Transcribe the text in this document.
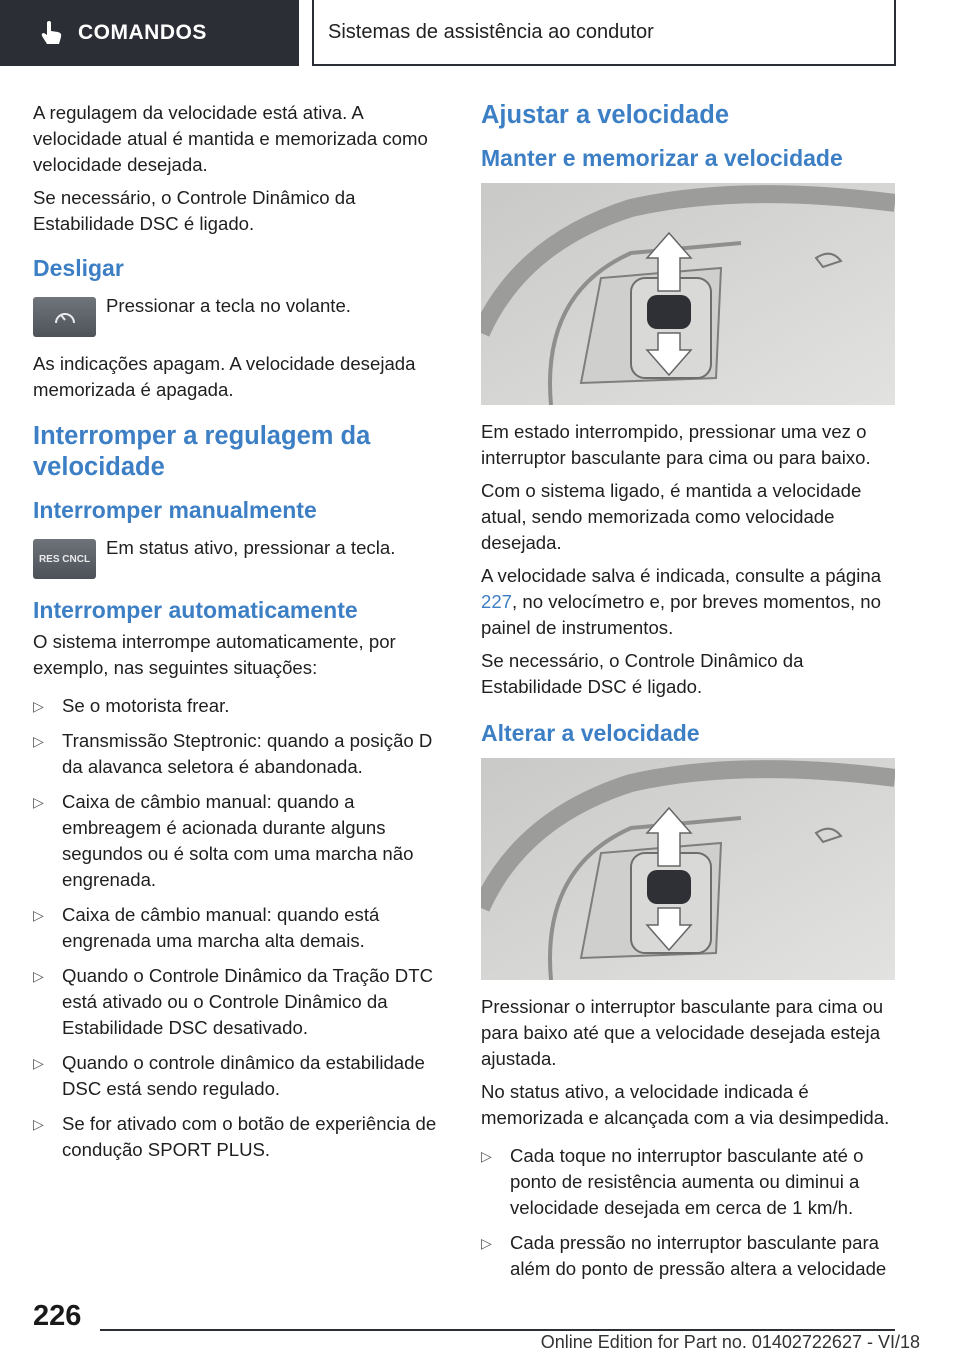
COMANDOS	Sistemas de assistência ao condutor

A regulagem da velocidade está ativa. A velocidade atual é mantida e memorizada como velocidade desejada.

Se necessário, o Controle Dinâmico da Estabilidade DSC é ligado.

Desligar
Pressionar a tecla no volante.

As indicações apagam. A velocidade desejada memorizada é apagada.

Interromper a regulagem da velocidade
Interromper manualmente
RES CNCL
Em status ativo, pressionar a tecla.
Interromper automaticamente

O sistema interrompe automaticamente, por exemplo, nas seguintes situações:

▷ Se o motorista frear.
▷ Transmissão Steptronic: quando a posição D da alavanca seletora é abandonada.
▷ Caixa de câmbio manual: quando a embreagem é acionada durante alguns segundos ou é solta com uma marcha não engrenada.
▷ Caixa de câmbio manual: quando está engrenada uma marcha alta demais.
▷ Quando o Controle Dinâmico da Tração DTC está ativado ou o Controle Dinâmico da Estabilidade DSC desativado.
▷ Quando o controle dinâmico da estabilidade DSC está sendo regulado.
▷ Se for ativado com o botão de experiência de condução SPORT PLUS.
Ajustar a velocidade
Manter e memorizar a velocidade

Em estado interrompido, pressionar uma vez o interruptor basculante para cima ou para baixo.

Com o sistema ligado, é mantida a velocidade atual, sendo memorizada como velocidade desejada.

A velocidade salva é indicada, consulte a página 227, no velocímetro e, por breves momentos, no painel de instrumentos.

Se necessário, o Controle Dinâmico da Estabilidade DSC é ligado.

Alterar a velocidade

Pressionar o interruptor basculante para cima ou para baixo até que a velocidade desejada esteja ajustada.

No status ativo, a velocidade indicada é memorizada e alcançada com a via desimpedida.

▷ Cada toque no interruptor basculante até o ponto de resistência aumenta ou diminui a velocidade desejada em cerca de 1 km/h.
▷ Cada pressão no interruptor basculante para além do ponto de pressão altera a velocidade
226
Online Edition for Part no. 01402722627 - VI/18
